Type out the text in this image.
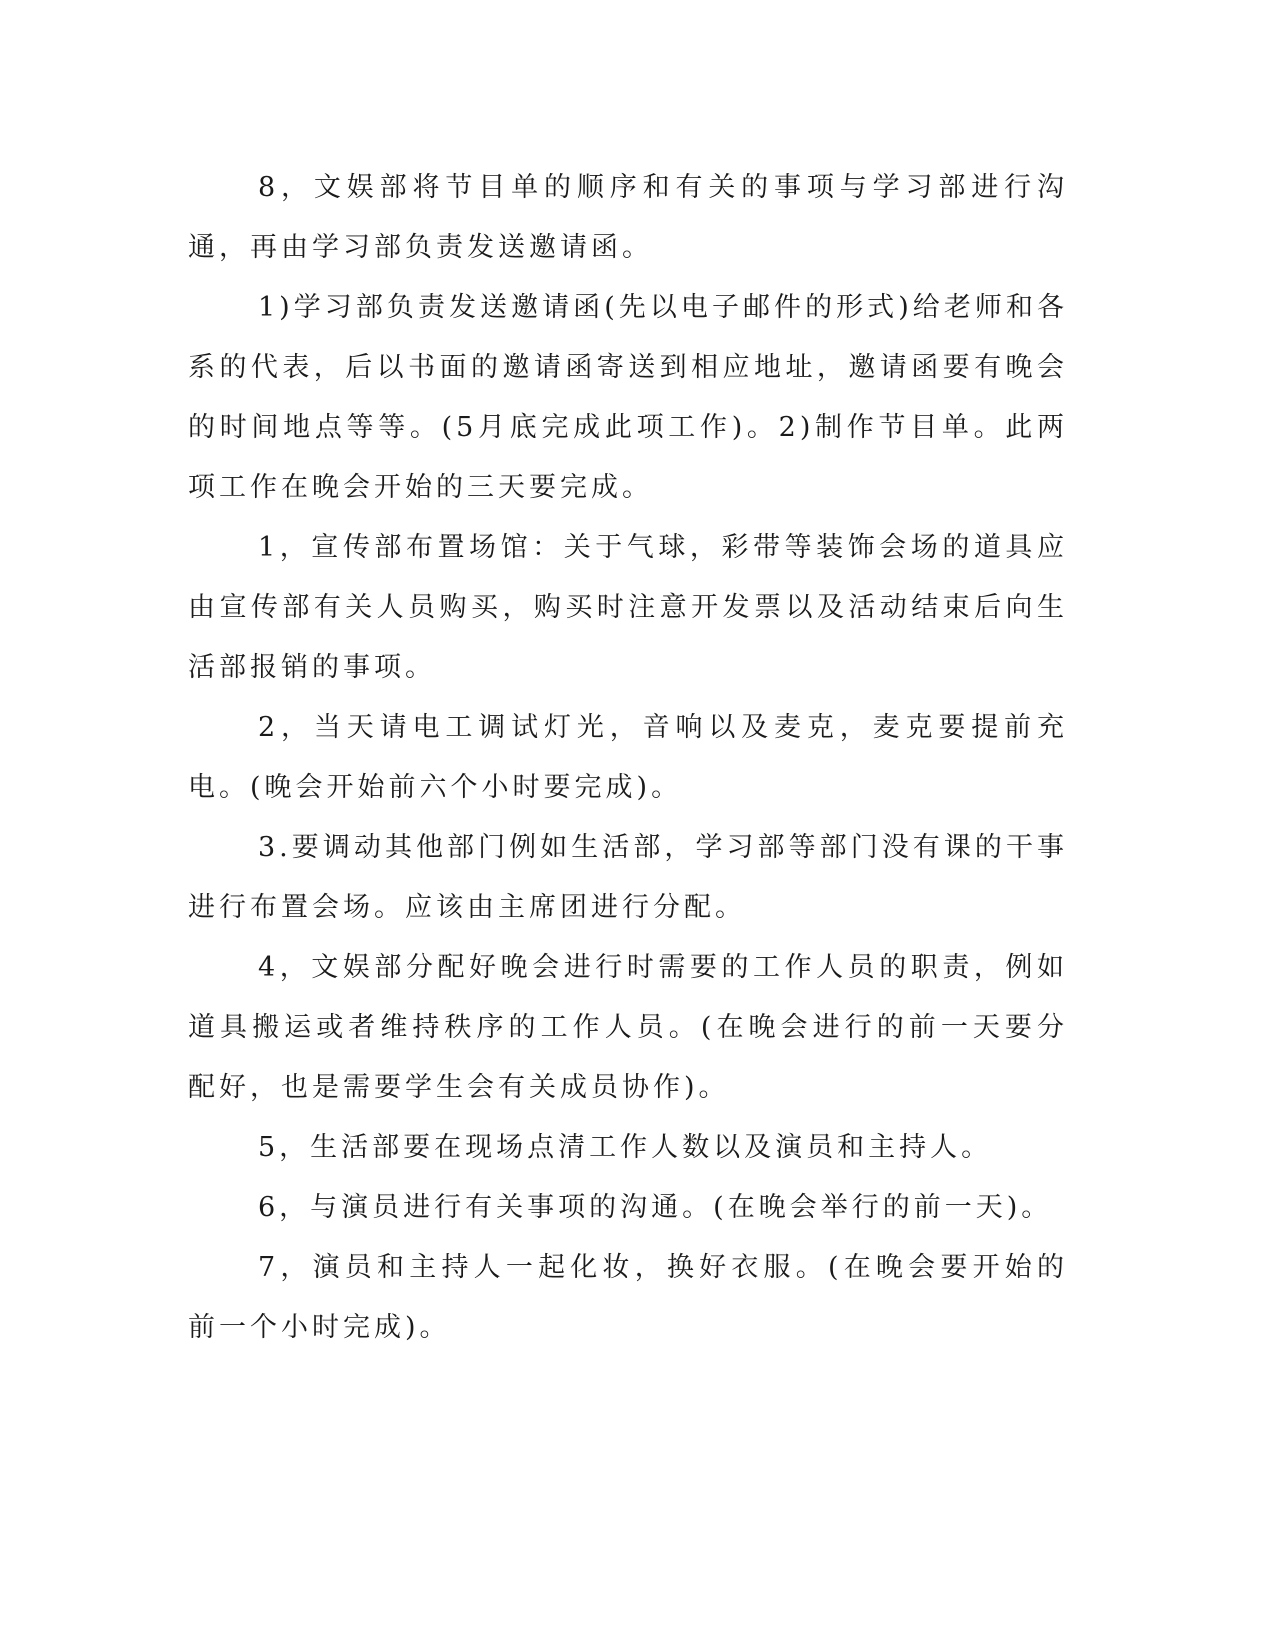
8，文娱部将节目单的顺序和有关的事项与学习部进行沟通，再由学习部负责发送邀请函。

1)学习部负责发送邀请函(先以电子邮件的形式)给老师和各系的代表，后以书面的邀请函寄送到相应地址，邀请函要有晚会的时间地点等等。(5月底完成此项工作)。2)制作节目单。此两项工作在晚会开始的三天要完成。

1，宣传部布置场馆：关于气球，彩带等装饰会场的道具应由宣传部有关人员购买，购买时注意开发票以及活动结束后向生活部报销的事项。

2，当天请电工调试灯光，音响以及麦克，麦克要提前充电。(晚会开始前六个小时要完成)。

3.要调动其他部门例如生活部，学习部等部门没有课的干事进行布置会场。应该由主席团进行分配。

4，文娱部分配好晚会进行时需要的工作人员的职责，例如道具搬运或者维持秩序的工作人员。(在晚会进行的前一天要分配好，也是需要学生会有关成员协作)。

5，生活部要在现场点清工作人数以及演员和主持人。

6，与演员进行有关事项的沟通。(在晚会举行的前一天)。

7，演员和主持人一起化妆，换好衣服。(在晚会要开始的前一个小时完成)。
